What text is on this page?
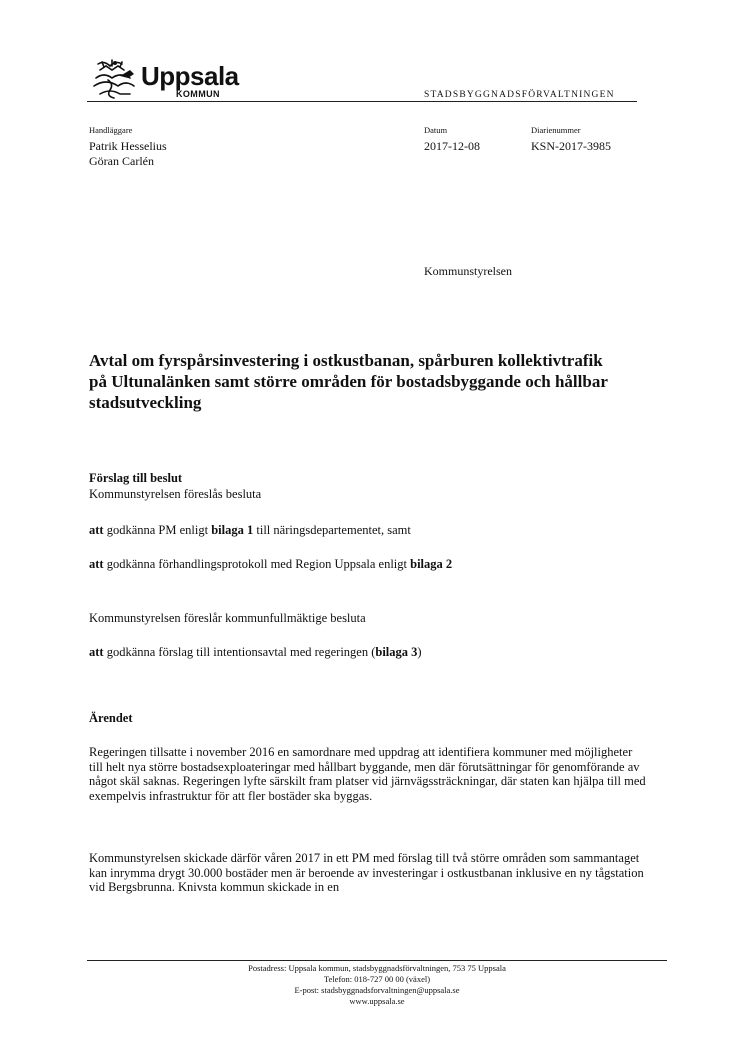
Uppsala
KOMMUN	STADSBYGGNADSFÖRVALTNINGEN
Handläggare
Patrik Hesselius
Göran Carlén
Datum
2017-12-08
Diarienummer
KSN-2017-3985
Kommunstyrelsen
Avtal om fyrspårsinvestering i ostkustbanan, spårburen kollektivtrafik på Ultunalänken samt större områden för bostadsbyggande och hållbar stadsutveckling
Förslag till beslut
Kommunstyrelsen föreslås besluta
att godkänna PM enligt bilaga 1 till näringsdepartementet, samt
att godkänna förhandlingsprotokoll med Region Uppsala enligt bilaga 2
Kommunstyrelsen föreslår kommunfullmäktige besluta
att godkänna förslag till intentionsavtal med regeringen (bilaga 3)
Ärendet
Regeringen tillsatte i november 2016 en samordnare med uppdrag att identifiera kommuner med möjligheter till helt nya större bostadsexploateringar med hållbart byggande, men där förutsättningar för genomförande av något skäl saknas. Regeringen lyfte särskilt fram platser vid järnvägssträckningar, där staten kan hjälpa till med exempelvis infrastruktur för att fler bostäder ska byggas.
Kommunstyrelsen skickade därför våren 2017 in ett PM med förslag till två större områden som sammantaget kan inrymma drygt 30.000 bostäder men är beroende av investeringar i ostkustbanan inklusive en ny tågstation vid Bergsbrunna. Knivsta kommun skickade in en
Postadress: Uppsala kommun, stadsbyggnadsförvaltningen, 753 75 Uppsala
Telefon: 018-727 00 00 (växel)
E-post: stadsbyggnadsforvaltningen@uppsala.se
www.uppsala.se
